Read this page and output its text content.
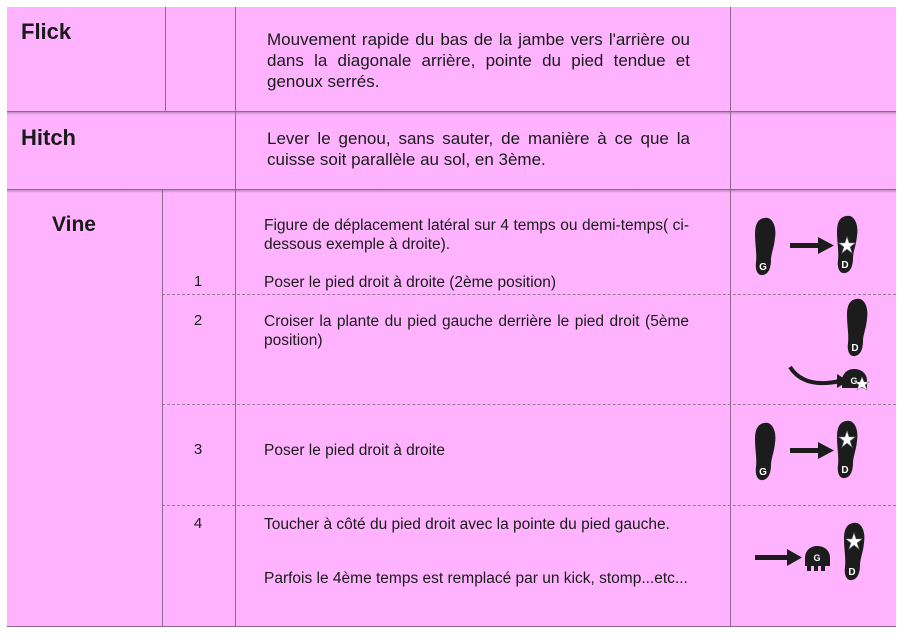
Flick	Mouvement rapide du bas de la jambe vers l'arrière ou dans la diagonale arrière, pointe du pied tendue et genoux serrés.
Hitch	Lever le genou, sans sauter, de manière à ce que la cuisse soit parallèle au sol, en 3ème.
Vine	Figure de déplacement latéral sur 4 temps ou demi-temps( ci-dessous exemple à droite).
1	Poser le pied droit à droite (2ème position)
2	Croiser la plante du pied gauche derrière le pied droit (5ème position)
3	Poser le pied droit à droite
4	Toucher à côté du pied droit avec la pointe du pied gauche.
Parfois le 4ème temps est remplacé par un kick, stomp...etc...
G	D
D
G
G	D
G
D
